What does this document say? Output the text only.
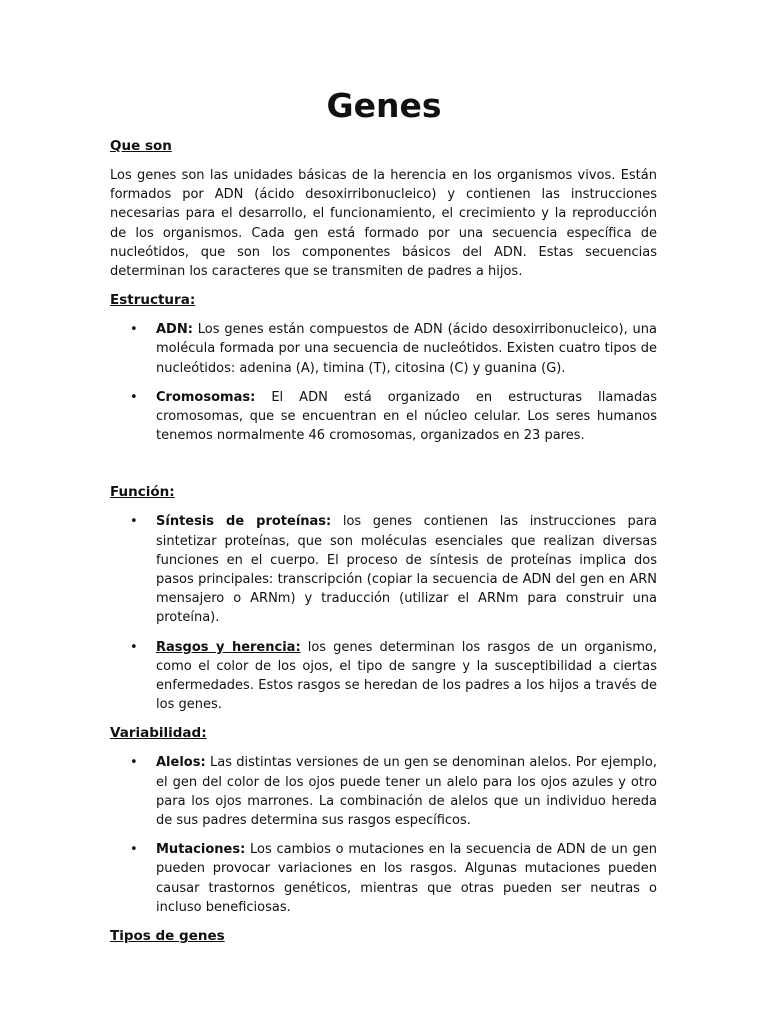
Genes
Que son

Los genes son las unidades básicas de la herencia en los organismos vivos. Están formados por ADN (ácido desoxirribonucleico) y contienen las instrucciones necesarias para el desarrollo, el funcionamiento, el crecimiento y la reproducción de los organismos. Cada gen está formado por una secuencia específica de nucleótidos, que son los componentes básicos del ADN. Estas secuencias determinan los caracteres que se transmiten de padres a hijos.

Estructura:
• ADN: Los genes están compuestos de ADN (ácido desoxirribonucleico), una molécula formada por una secuencia de nucleótidos. Existen cuatro tipos de nucleótidos: adenina (A), timina (T), citosina (C) y guanina (G).
• Cromosomas: El ADN está organizado en estructuras llamadas cromosomas, que se encuentran en el núcleo celular. Los seres humanos tenemos normalmente 46 cromosomas, organizados en 23 pares.
Función:
• Síntesis de proteínas: los genes contienen las instrucciones para sintetizar proteínas, que son moléculas esenciales que realizan diversas funciones en el cuerpo. El proceso de síntesis de proteínas implica dos pasos principales: transcripción (copiar la secuencia de ADN del gen en ARN mensajero o ARNm) y traducción (utilizar el ARNm para construir una proteína).
• Rasgos y herencia: los genes determinan los rasgos de un organismo, como el color de los ojos, el tipo de sangre y la susceptibilidad a ciertas enfermedades. Estos rasgos se heredan de los padres a los hijos a través de los genes.
Variabilidad:
• Alelos: Las distintas versiones de un gen se denominan alelos. Por ejemplo, el gen del color de los ojos puede tener un alelo para los ojos azules y otro para los ojos marrones. La combinación de alelos que un individuo hereda de sus padres determina sus rasgos específicos.
• Mutaciones: Los cambios o mutaciones en la secuencia de ADN de un gen pueden provocar variaciones en los rasgos. Algunas mutaciones pueden causar trastornos genéticos, mientras que otras pueden ser neutras o incluso beneficiosas.
Tipos de genes
